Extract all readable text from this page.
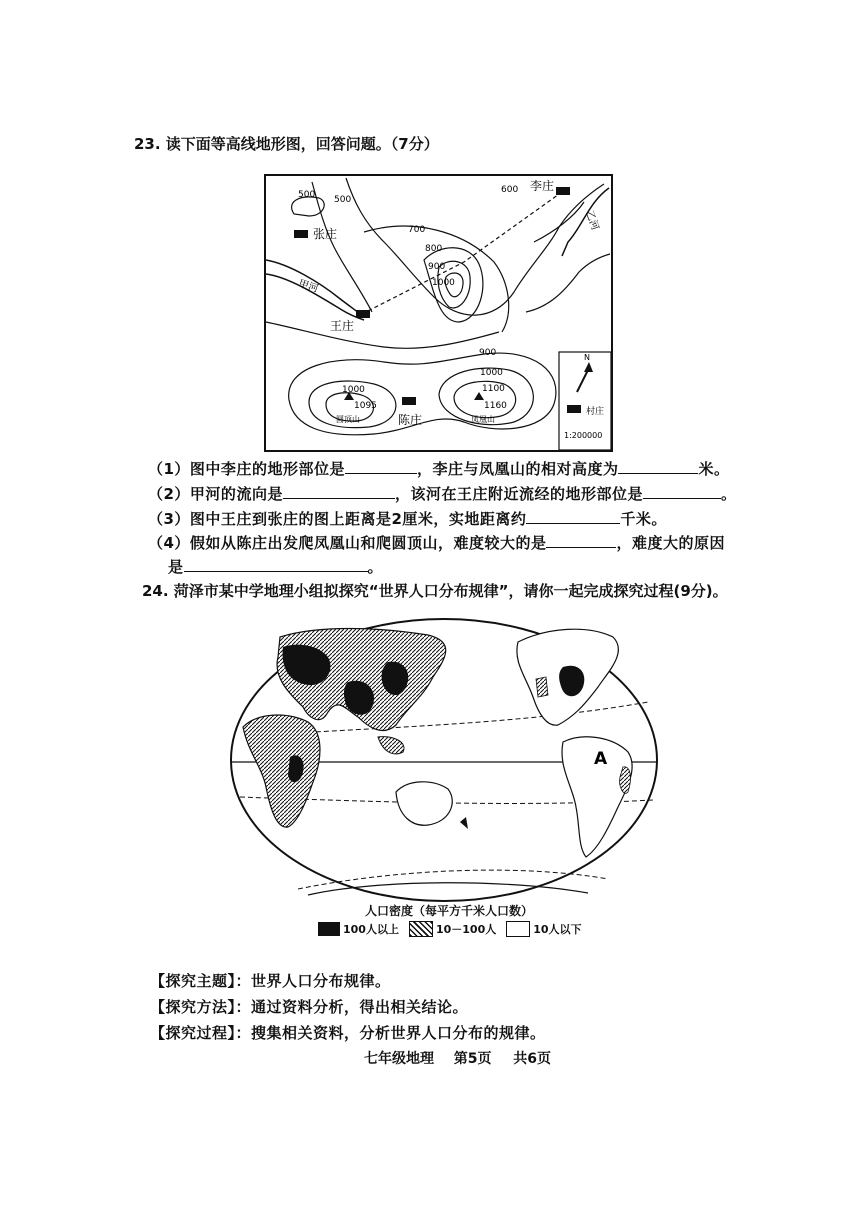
23. 读下面等高线地形图，回答问题。（7分）
500 500
600
700
800
900
1000
900
1000
1100
1000
张庄
李庄
王庄
陈庄
甲河
乙河
1095
圆顶山
1160
凤凰山
N
村庄
1:200000
（1）图中李庄的地形部位是	，李庄与凤凰山的相对高度为	米。
（2）甲河的流向是	，该河在王庄附近流经的地形部位是	。
（3）图中王庄到张庄的图上距离是2厘米，实地距离约	千米。
（4）假如从陈庄出发爬凤凰山和爬圆顶山，难度较大的是	，难度大的原因
是	。
24. 菏泽市某中学地理小组拟探究“世界人口分布规律”，请你一起完成探究过程(9分)。
A
人口密度（每平方千米人口数）
100人以上	10－100人	10人以下
【探究主题】：世界人口分布规律。
【探究方法】：通过资料分析，得出相关结论。
【探究过程】：搜集相关资料，分析世界人口分布的规律。
七年级地理 第5页 共6页
